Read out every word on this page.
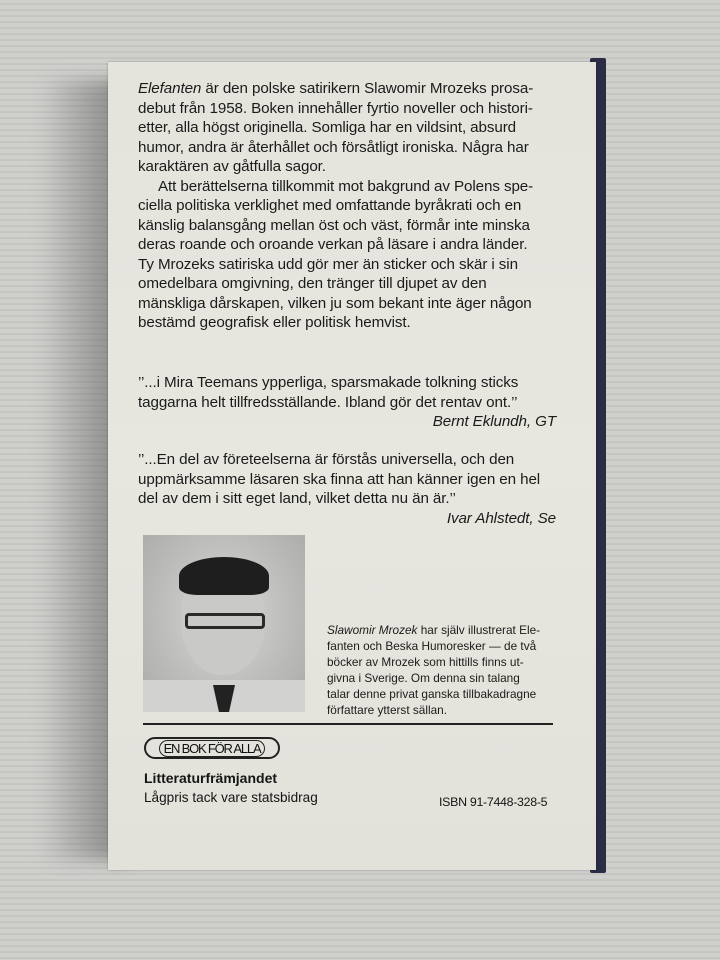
Elefanten är den polske satirikern Slawomir Mrozeks prosa-
debut från 1958. Boken innehåller fyrtio noveller och histori-
etter, alla högst originella. Somliga har en vildsint, absurd
humor, andra är återhållet och försåtligt ironiska. Några har
karaktären av gåtfulla sagor.
Att berättelserna tillkommit mot bakgrund av Polens spe-
ciella politiska verklighet med omfattande byråkrati och en
känslig balansgång mellan öst och väst, förmår inte minska
deras roande och oroande verkan på läsare i andra länder.
Ty Mrozeks satiriska udd gör mer än sticker och skär i sin
omedelbara omgivning, den tränger till djupet av den
mänskliga dårskapen, vilken ju som bekant inte äger någon
bestämd geografisk eller politisk hemvist.
’’...i Mira Teemans ypperliga, sparsmakade tolkning sticks
taggarna helt tillfredsställande. Ibland gör det rentav ont.’’
Bernt Eklundh, GT
’’...En del av företeelserna är förstås universella, och den
uppmärksamme läsaren ska finna att han känner igen en hel
del av dem i sitt eget land, vilket detta nu än är.’’
Ivar Ahlstedt, Se
Slawomir Mrozek har själv illustrerat Ele-
fanten och Beska Humoresker — de två
böcker av Mrozek som hittills finns ut-
givna i Sverige. Om denna sin talang
talar denne privat ganska tillbakadragne
författare ytterst sällan.
EN BOK FÖR ALLA
Litteraturfrämjandet
Lågpris tack vare statsbidrag	ISBN 91-7448-328-5
